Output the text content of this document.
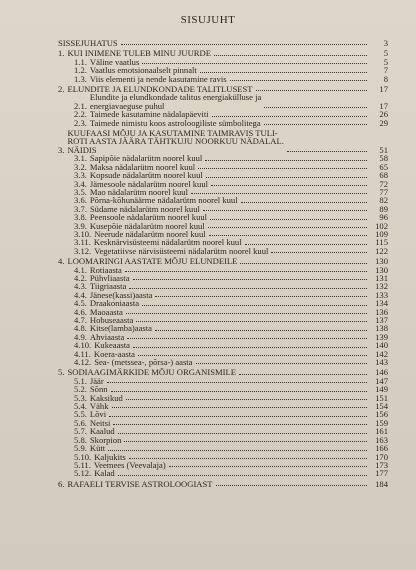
SISUJUHT
SISSEJUHATUS	3
1. KUI INIMENE TULEB MINU JUURDE	5
1.1. Väline vaatlus	5
1.2. Vaatlus emotsionaalselt pinnalt	7
1.3. Viis elementi ja nende kasutamine ravis	8
2. ELUNDITE JA ELUNDKONDADE TALITLUSEST	17
2.1.
Elundite ja elundkondade talitus energiakülluse ja
energiavaeguse puhul	17
2.2. Taimede kasutamine nädalapäeviti	26
2.3. Taimede nimistu koos astroloogiliste sümbolitega	29
3.
KUUFAASI MÕJU JA KASUTAMINE TAIMRAVIS TULI-
ROTI AASTA JÄÄRA TÄHTKUJU NOORKUU NÄDALAL.
NÄIDIS	51
3.1. Sapipõie nädalarütm noorel kuul	58
3.2. Maksa nädalarütm noorel kuul	65
3.3. Kopsude nädalarütm noorel kuul	68
3.4. Jämesoole nädalarütm noorel kuul	72
3.5. Mao nädalarütm noorel kuul	77
3.6. Põrna-kõhunäärme nädalarütm noorel kuul	82
3.7. Südame nädalarütm noorel kuul	89
3.8. Peensoole nädalarütm noorel kuul	96
3.9. Kusepõie nädalarütm noorel kuul	102
3.10. Neerude nädalarütm noorel kuul	109
3.11. Kesknärvisüsteemi nädalarütm noorel kuul	115
3.12. Vegetatiivse närvisüsteemi nädalarütm noorel kuul	122
4. LOOMARINGI AASTATE MÕJU ELUNDEILE	130
4.1. Rotiaasta	130
4.2. Pühvliaasta	131
4.3. Tiigriaasta	132
4.4. Jänese(kassi)aasta	133
4.5. Draakoniaasta	134
4.6. Maoaasta	136
4.7. Hobuseaasta	137
4.8. Kitse(lamba)aasta	138
4.9. Ahviaasta	139
4.10. Kukeaasta	140
4.11. Koera-aasta	142
4.12. Sea- (metssea-, põrsa-) aasta	143
5. SODIAAGIMÄRKIDE MÕJU ORGANISMILE	146
5.1. Jäär	147
5.2. Sõnn	149
5.3. Kaksikud	151
5.4. Vähk	154
5.5. Lõvi	156
5.6. Neitsi	159
5.7. Kaalud	161
5.8. Skorpion	163
5.9. Kütt	166
5.10. Kaljukits	170
5.11. Veemees (Veevalaja)	173
5.12. Kalad	177
6. RAFAELI TERVISE ASTROLOOGIAST	184
